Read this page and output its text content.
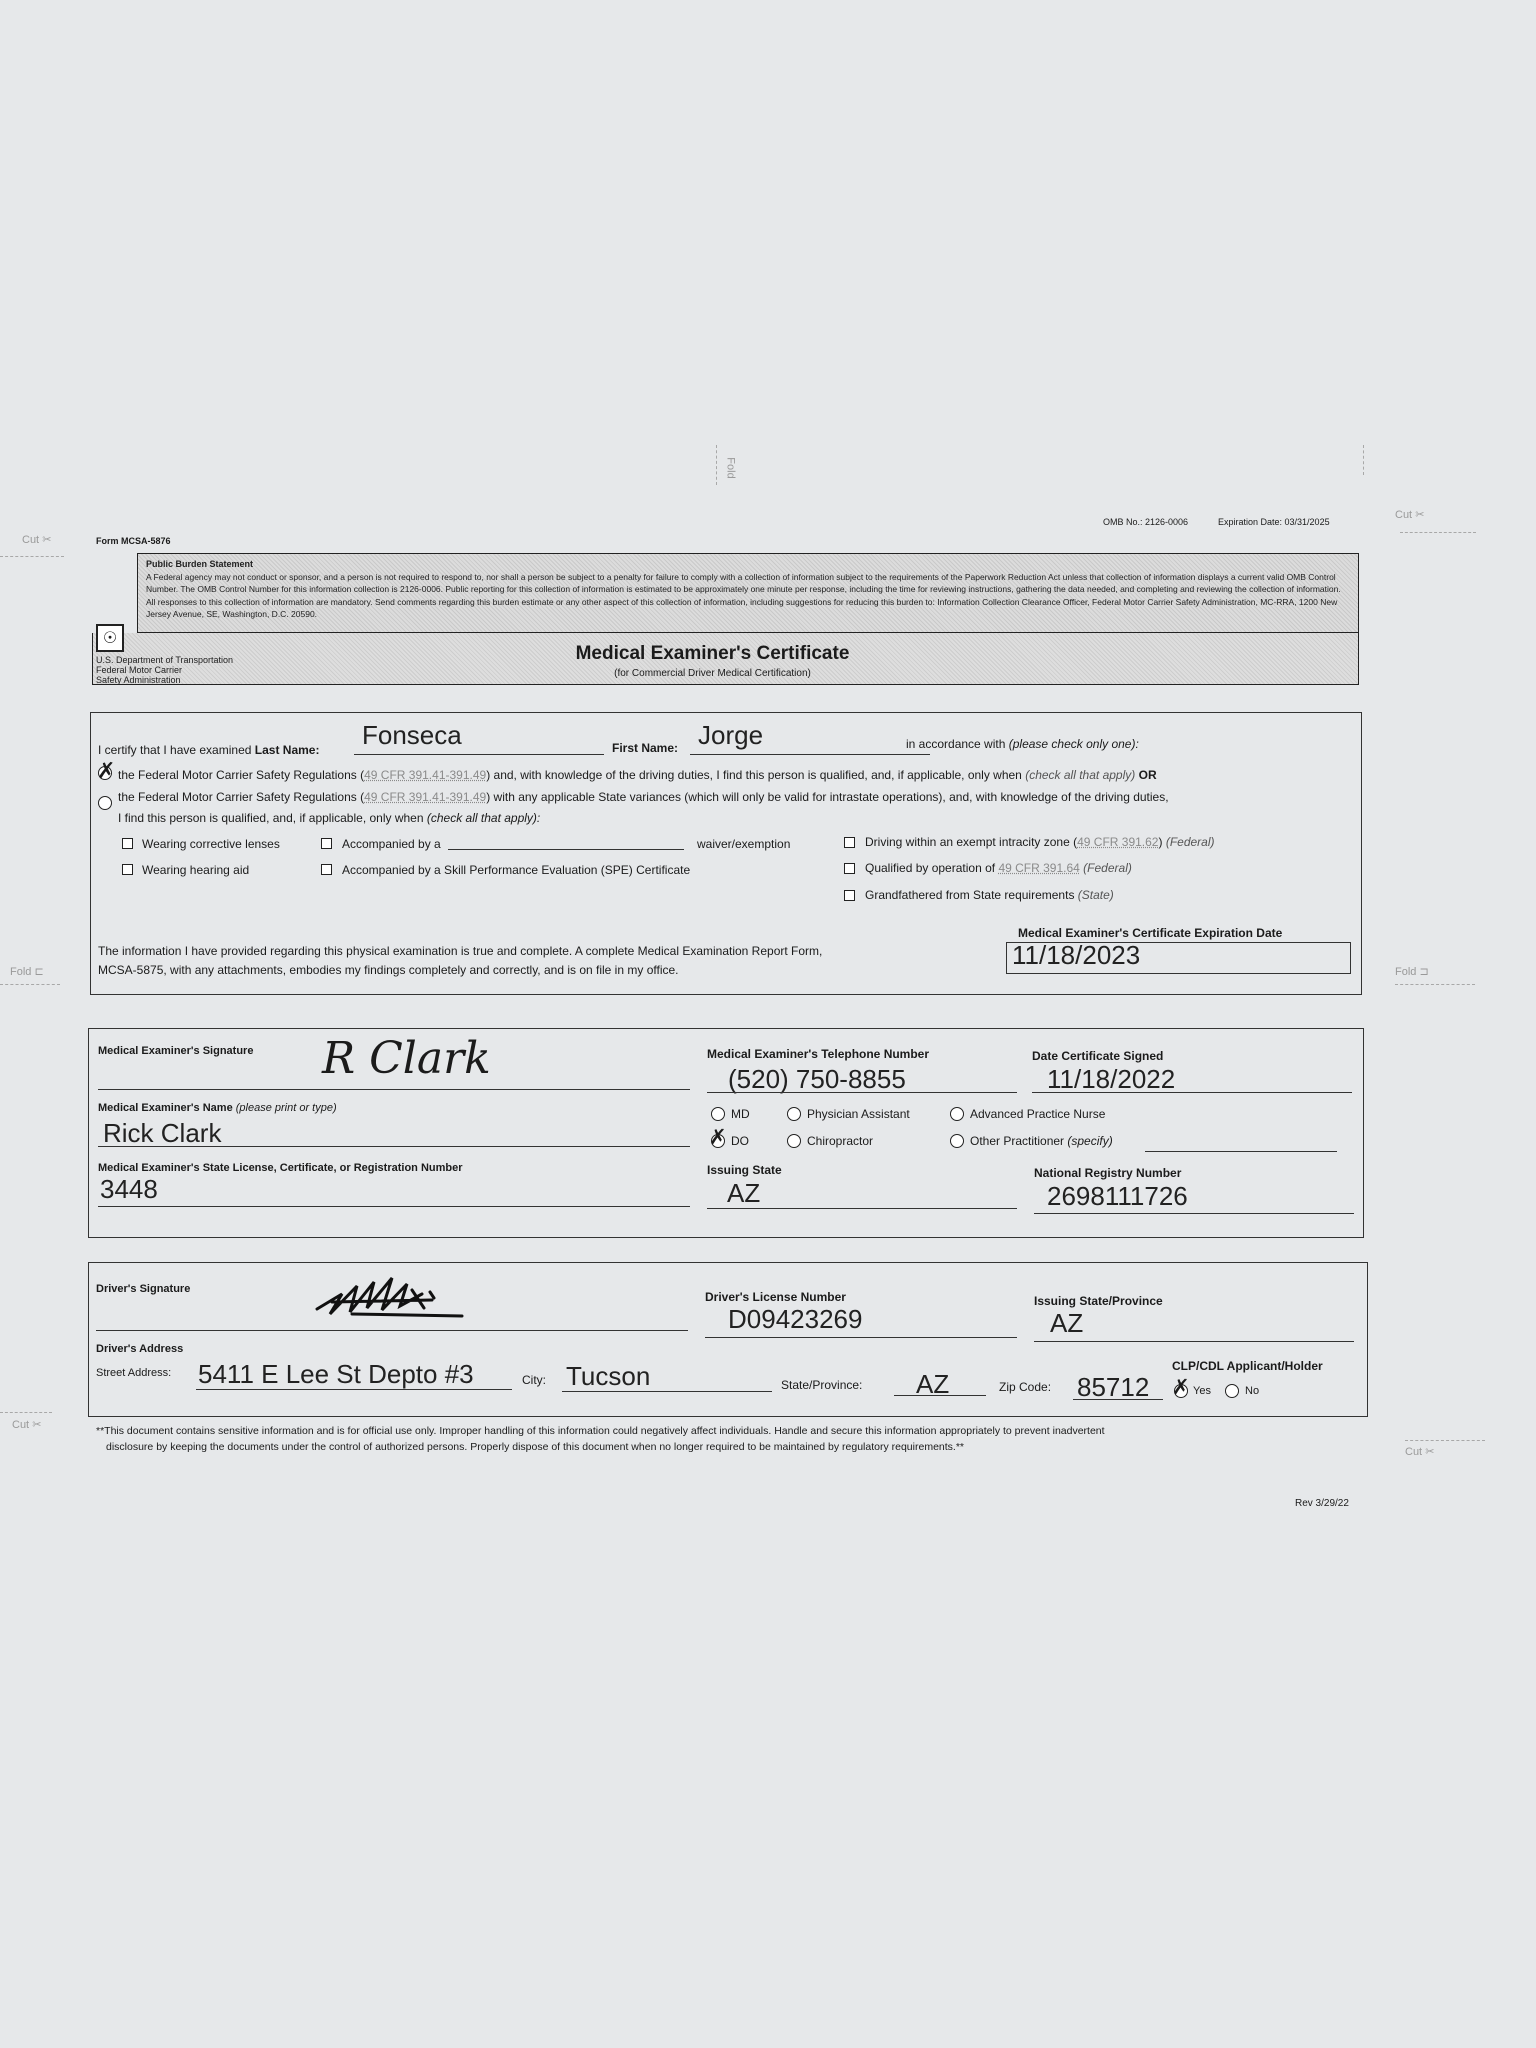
Fold
Cut ✂
Cut ✂
Fold ⊏	Fold ⊐
Cut ✂
Cut ✂
Form MCSA-5876
OMB No.: 2126-0006	Expiration Date: 03/31/2025
Public Burden Statement
A Federal agency may not conduct or sponsor, and a person is not required to respond to, nor shall a person be subject to a penalty for failure to comply with a collection of information subject to the requirements of the Paperwork Reduction Act unless that collection of information displays a current valid OMB Control Number. The OMB Control Number for this information collection is 2126-0006. Public reporting for this collection of information is estimated to be approximately one minute per response, including the time for reviewing instructions, gathering the data needed, and completing and reviewing the collection of information. All responses to this collection of information are mandatory. Send comments regarding this burden estimate or any other aspect of this collection of information, including suggestions for reducing this burden to: Information Collection Clearance Officer, Federal Motor Carrier Safety Administration, MC-RRA, 1200 New Jersey Avenue, SE, Washington, D.C. 20590.
☉
U.S. Department of Transportation
Federal Motor Carrier
Safety Administration
Medical Examiner's Certificate
(for Commercial Driver Medical Certification)
I certify that I have examined Last Name: Fonseca	First Name: Jorge	in accordance with (please check only one):
✗ the Federal Motor Carrier Safety Regulations (49 CFR 391.41-391.49) and, with knowledge of the driving duties, I find this person is qualified, and, if applicable, only when (check all that apply) OR
the Federal Motor Carrier Safety Regulations (49 CFR 391.41-391.49) with any applicable State variances (which will only be valid for intrastate operations), and, with knowledge of the driving duties,
I find this person is qualified, and, if applicable, only when (check all that apply):
Wearing corrective lenses
Wearing hearing aid
Accompanied by a	waiver/exemption
Accompanied by a Skill Performance Evaluation (SPE) Certificate
Driving within an exempt intracity zone (49 CFR 391.62) (Federal)
Qualified by operation of 49 CFR 391.64 (Federal)
Grandfathered from State requirements (State)
The information I have provided regarding this physical examination is true and complete. A complete Medical Examination Report Form,
MCSA-5875, with any attachments, embodies my findings completely and correctly, and is on file in my office.
Medical Examiner's Certificate Expiration Date
11/18/2023
Medical Examiner's Signature R Clark	Medical Examiner's Telephone Number
(520) 750-8855
Date Certificate Signed
11/18/2022
Medical Examiner's Name (please print or type)
Rick Clark
MD
✗ DO
Physician Assistant
Chiropractor
Advanced Practice Nurse
Other Practitioner (specify)
Medical Examiner's State License, Certificate, or Registration Number
3448
Issuing State
AZ
National Registry Number
2698111726
Driver's Signature
Driver's License Number
D09423269
Issuing State/Province
AZ
Driver's Address
Street Address: 5411 E Lee St Depto #3	City: Tucson	State/Province: AZ	Zip Code: 85712
CLP/CDL Applicant/Holder
✗ Yes	No
**This document contains sensitive information and is for official use only. Improper handling of this information could negatively affect individuals. Handle and secure this information appropriately to prevent inadvertent
disclosure by keeping the documents under the control of authorized persons. Properly dispose of this document when no longer required to be maintained by regulatory requirements.**
Rev 3/29/22
